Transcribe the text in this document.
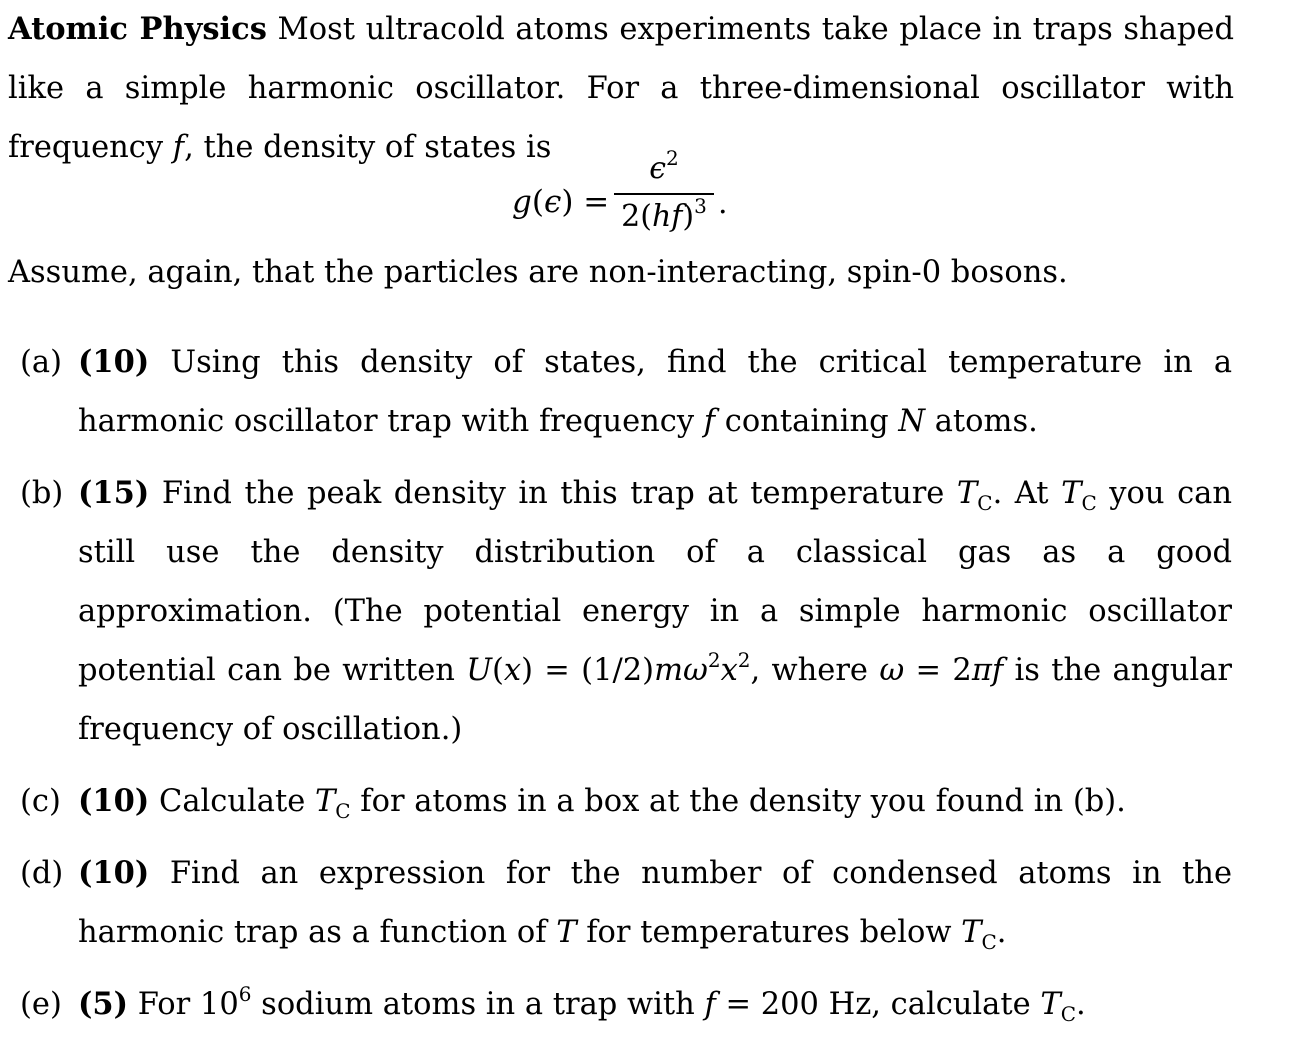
Atomic Physics Most ultracold atoms experiments take place in traps shaped like a simple harmonic oscillator. For a three-dimensional oscillator with frequency f, the density of states is
g(ϵ) =
$\epsilon^2$
2(hf)$^3$ .
Assume, again, that the particles are non-interacting, spin-0 bosons.
(a) (10) Using this density of states, find the critical temperature in a harmonic oscillator trap with frequency f containing N atoms.
(b) (15) Find the peak density in this trap at temperature $T_C$. At $T_C$ you can still use the density distribution of a classical gas as a good approximation. (The potential energy in a simple harmonic oscillator potential can be written $U(x) = (1/2)m\omega^2x^2$, where ω = 2πf is the angular frequency of oscillation.)
(c) (10) Calculate $T_C$ for atoms in a box at the density you found in (b).
(d) (10) Find an expression for the number of condensed atoms in the harmonic trap as a function of T for temperatures below $T_C$.
(e) (5) For $10^6$ sodium atoms in a trap with f = 200 Hz, calculate $T_C$.
